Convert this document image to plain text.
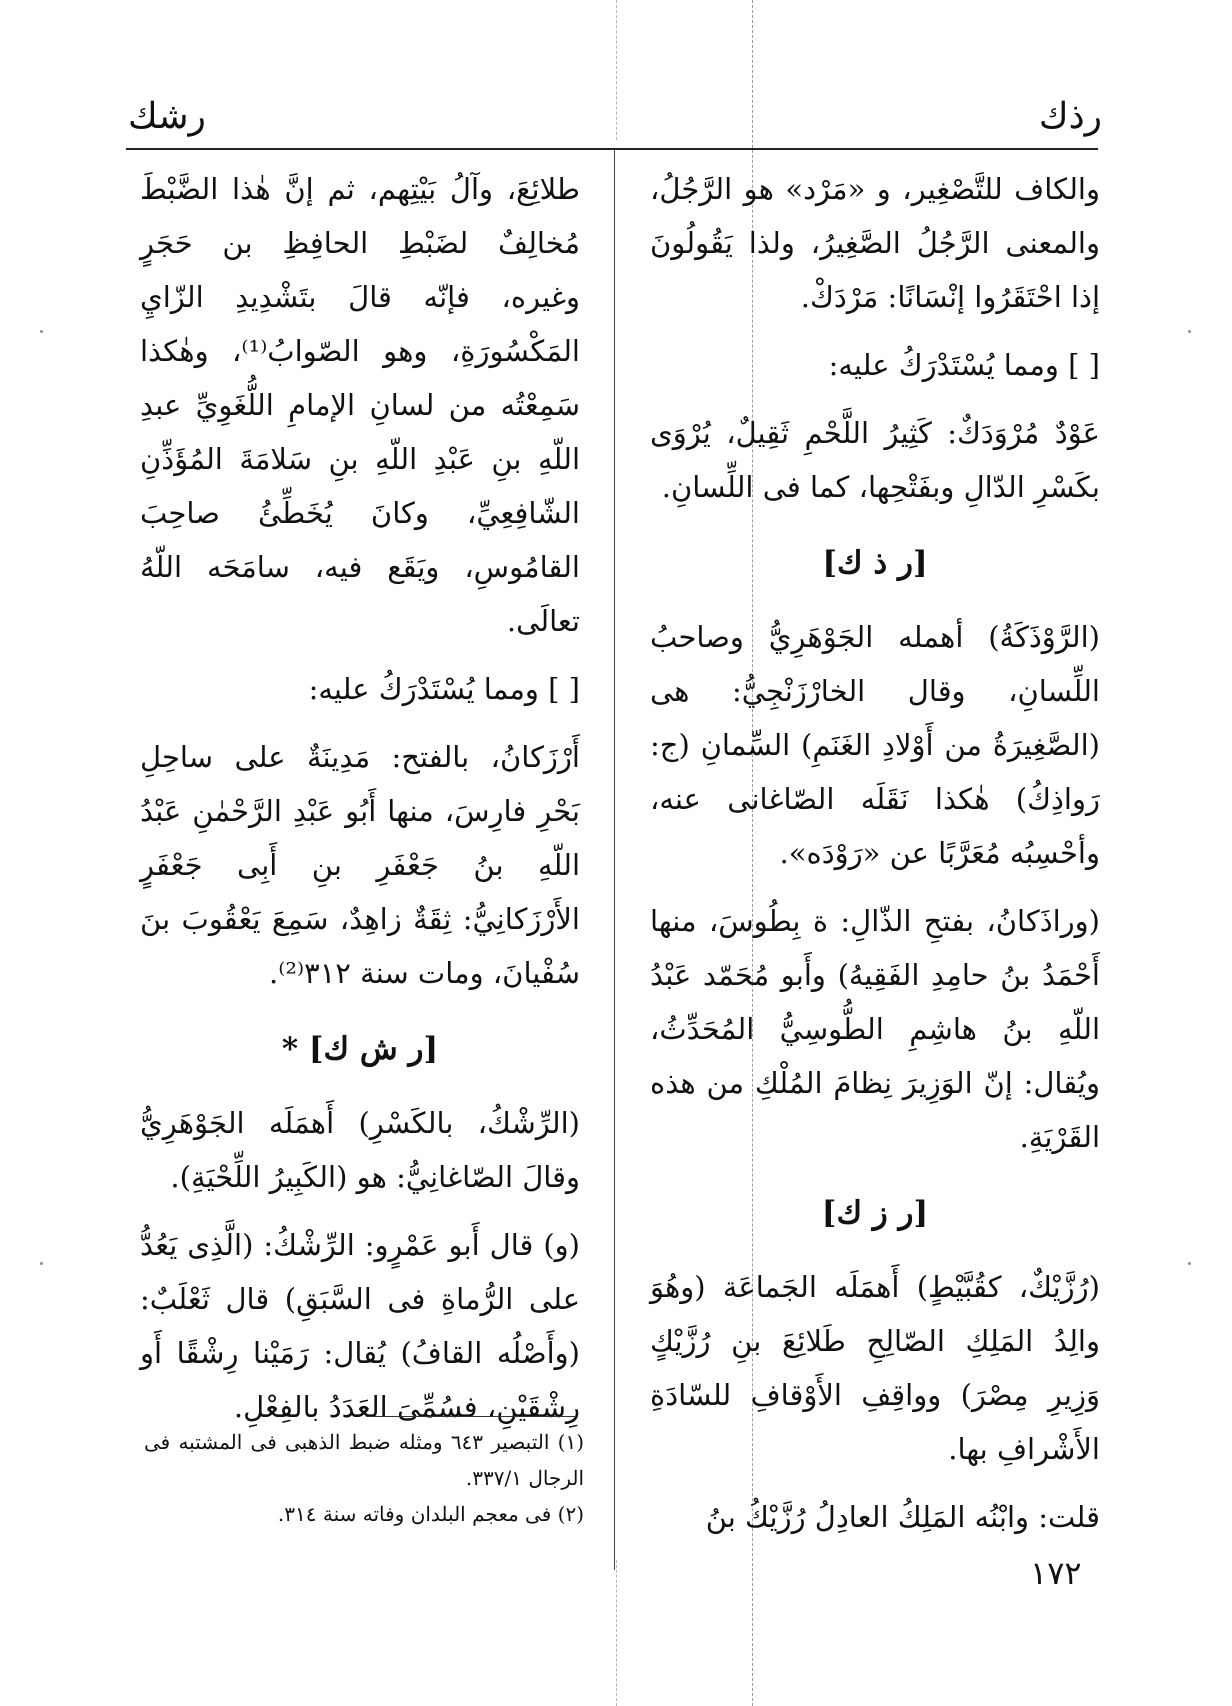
رذك
رشك

والكاف للتَّصْغِير، و «مَرْد» هو الرَّجُلُ، والمعنى الرَّجُلُ الصَّغِيرُ، ولذا يَقُولُونَ إذا احْتَقَرُوا إنْسَانًا: مَرْدَكْ.

[ ] ومما يُسْتَدْرَكُ عليه:

عَوْدٌ مُرْوَدَكٌ: كَثِيرُ اللَّحْمِ ثَقِيلٌ، يُرْوَى بكَسْرِ الدّالِ وبفَتْحِها، كما فى اللِّسانِ.

[ر ذ ك]

(الرَّوْذَكَةُ) أهمله الجَوْهَرِيُّ وصاحبُ اللِّسانِ، وقال الخارْزَنْجِيُّ: هى (الصَّغِيرَةُ من أَوْلادِ الغَنَمِ) السِّمانِ (ج: رَواذِكُ) هٰكذا نَقَلَه الصّاغانى عنه، وأحْسِبُه مُعَرَّبًا عن «رَوْدَه».

(وراذَكانُ، بفتحِ الذّالِ: ة بِطُوسَ، منها أَحْمَدُ بنُ حامِدِ الفَقِيهُ) وأَبو مُحَمّد عَبْدُ اللّهِ بنُ هاشِمِ الطُّوسِيُّ المُحَدِّثُ، ويُقال: إنّ الوَزِيرَ نِظامَ المُلْكِ من هذه القَرْيَةِ.

[ر ز ك]

(رُزَّيْكٌ، كقُبَّيْطٍ) أَهمَلَه الجَماعَة (وهُوَ والِدُ المَلِكِ الصّالِحِ طَلائِعَ بنِ رُزَّيْكٍ وَزِيرِ مِصْرَ) وواقِفِ الأَوْقافِ للسّادَةِ الأَشْرافِ بها.

قلت: وابْنُه المَلِكُ العادِلُ رُزَّيْكُ بنُ

طلائِعَ، وآلُ بَيْتِهم، ثم إنَّ هٰذا الضَّبْطَ مُخالِفٌ لضَبْطِ الحافِظِ بن حَجَرٍ وغيره، فإنّه قالَ بتَشْدِيدِ الزّايِ المَكْسُورَةِ، وهو الصّوابُ⁽¹⁾، وهٰكذا سَمِعْتُه من لسانِ الإمامِ اللُّغَوِيِّ عبدِ اللّهِ بنِ عَبْدِ اللّهِ بنِ سَلامَةَ المُؤَذِّنِ الشّافِعِيِّ، وكانَ يُخَطِّئُ صاحِبَ القامُوسِ، ويَقَع فيه، سامَحَه اللّهُ تعالَى.

[ ] ومما يُسْتَدْرَكُ عليه:

أَرْزَكانُ، بالفتح: مَدِينَةٌ على ساحِلِ بَحْرِ فارِسَ، منها أَبُو عَبْدِ الرَّحْمٰنِ عَبْدُ اللّهِ بنُ جَعْفَرِ بنِ أَبِى جَعْفَرٍ الأَرْزَكانِيُّ: ثِقَةٌ زاهِدٌ، سَمِعَ يَعْقُوبَ بنَ سُفْيانَ، ومات سنة ٣١٢⁽²⁾.

[ر ش ك] *

(الرِّشْكُ، بالكَسْرِ) أَهمَلَه الجَوْهَرِيُّ وقالَ الصّاغانِيُّ: هو (الكَبِيرُ اللِّحْيَةِ).

(و) قال أَبو عَمْرٍو: الرِّشْكُ: (الَّذِى يَعُدُّ على الرُّماةِ فى السَّبَقِ) قال ثَعْلَبٌ: (وأَصْلُه القافُ) يُقال: رَمَيْنا رِشْقًا أَو رِشْقَيْنِ، فسُمِّىَ العَدَدُ بالفِعْلِ.

(١) التبصير ٦٤٣ ومثله ضبط الذهبى فى المشتبه فى الرجال ٣٣٧/١.

(٢) فى معجم البلدان وفاته سنة ٣١٤.

١٧٢
